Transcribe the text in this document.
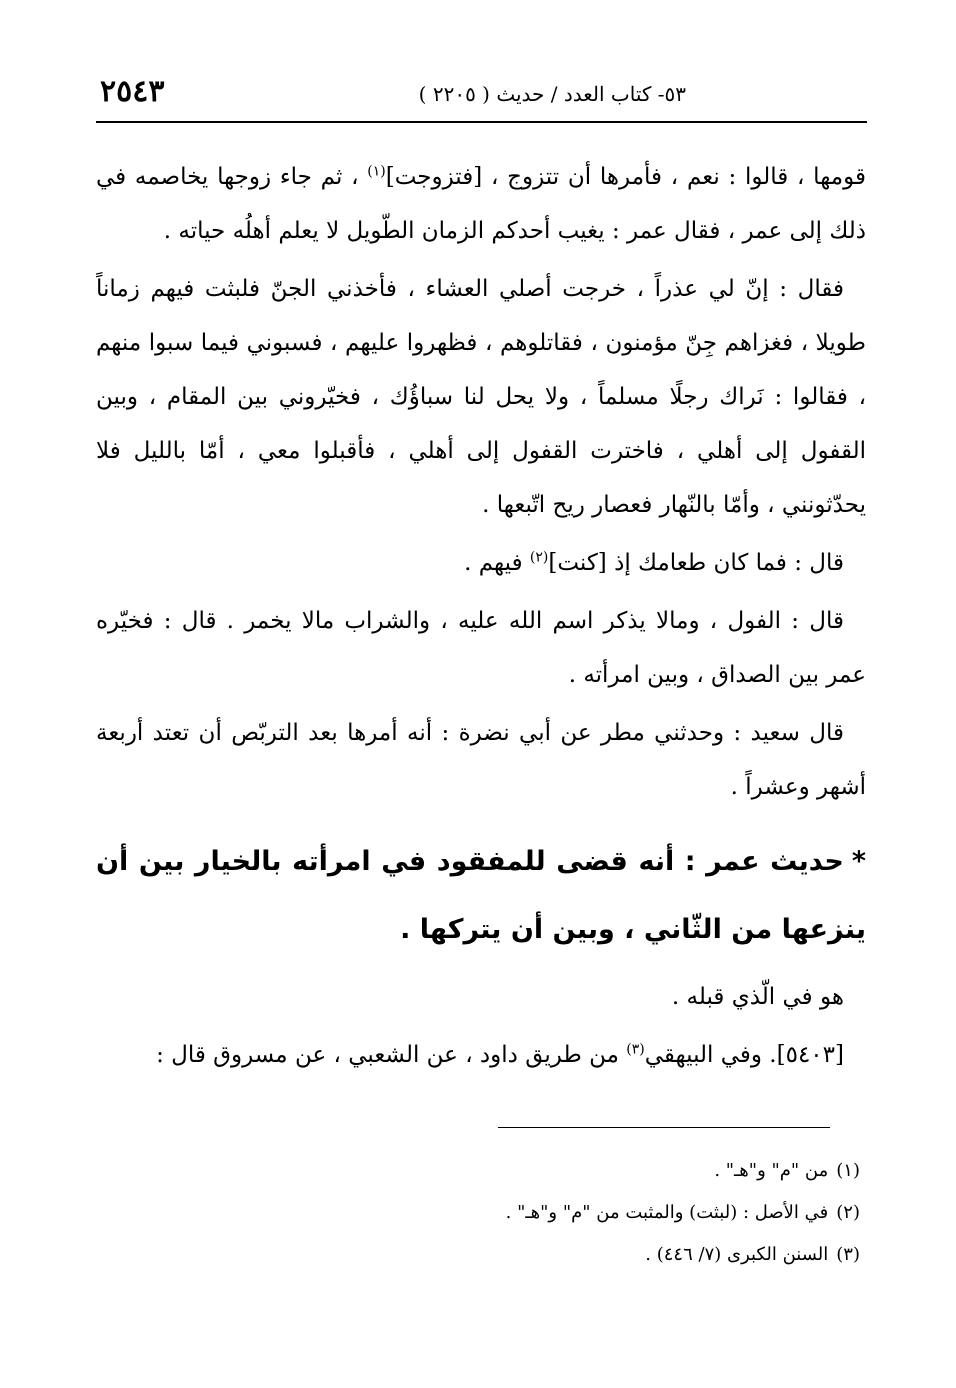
٥٣- كتاب العدد / حديث ( ٢٢٠٥ )
٢٥٤٣

قومها ، قالوا : نعم ، فأمرها أن تتزوج ، [فتزوجت]$^{(١)}$ ، ثم جاء زوجها يخاصمه في ذلك إلى عمر ، فقال عمر : يغيب أحدكم الزمان الطّويل لا يعلم أهلُه حياته .

فقال : إنّ لي عذراً ، خرجت أصلي العشاء ، فأخذني الجنّ فلبثت فيهم زماناً طويلا ، فغزاهم جِنّ مؤمنون ، فقاتلوهم ، فظهروا عليهم ، فسبوني فيما سبوا منهم ، فقالوا : نَراك رجلًا مسلماً ، ولا يحل لنا سباؤُك ، فخيّروني بين المقام ، وبين القفول إلى أهلي ، فاخترت القفول إلى أهلي ، فأقبلوا معي ، أمّا بالليل فلا يحدّثونني ، وأمّا بالنّهار فعصار ريح اتّبعها .

قال : فما كان طعامك إذ [كنت]$^{(٢)}$ فيهم .

قال : الفول ، ومالا يذكر اسم الله عليه ، والشراب مالا يخمر . قال : فخيّره عمر بين الصداق ، وبين امرأته .

قال سعيد : وحدثني مطر عن أبي نضرة : أنه أمرها بعد التربّص أن تعتد أربعة أشهر وعشراً .

*حديث عمر : أنه قضى للمفقود في امرأته بالخيار بين أن ينزعها من الثّاني ، وبين أن يتركها .

هو في الّذي قبله .

[٥٤٠٣]. وفي البيهقي$^{(٣)}$ من طريق داود ، عن الشعبي ، عن مسروق قال :

(١)من "م" و"هـ" .
(٢)في الأصل : (لبثت) والمثبت من "م" و"هـ" .
(٣)السنن الكبرى (٧/ ٤٤٦) .
